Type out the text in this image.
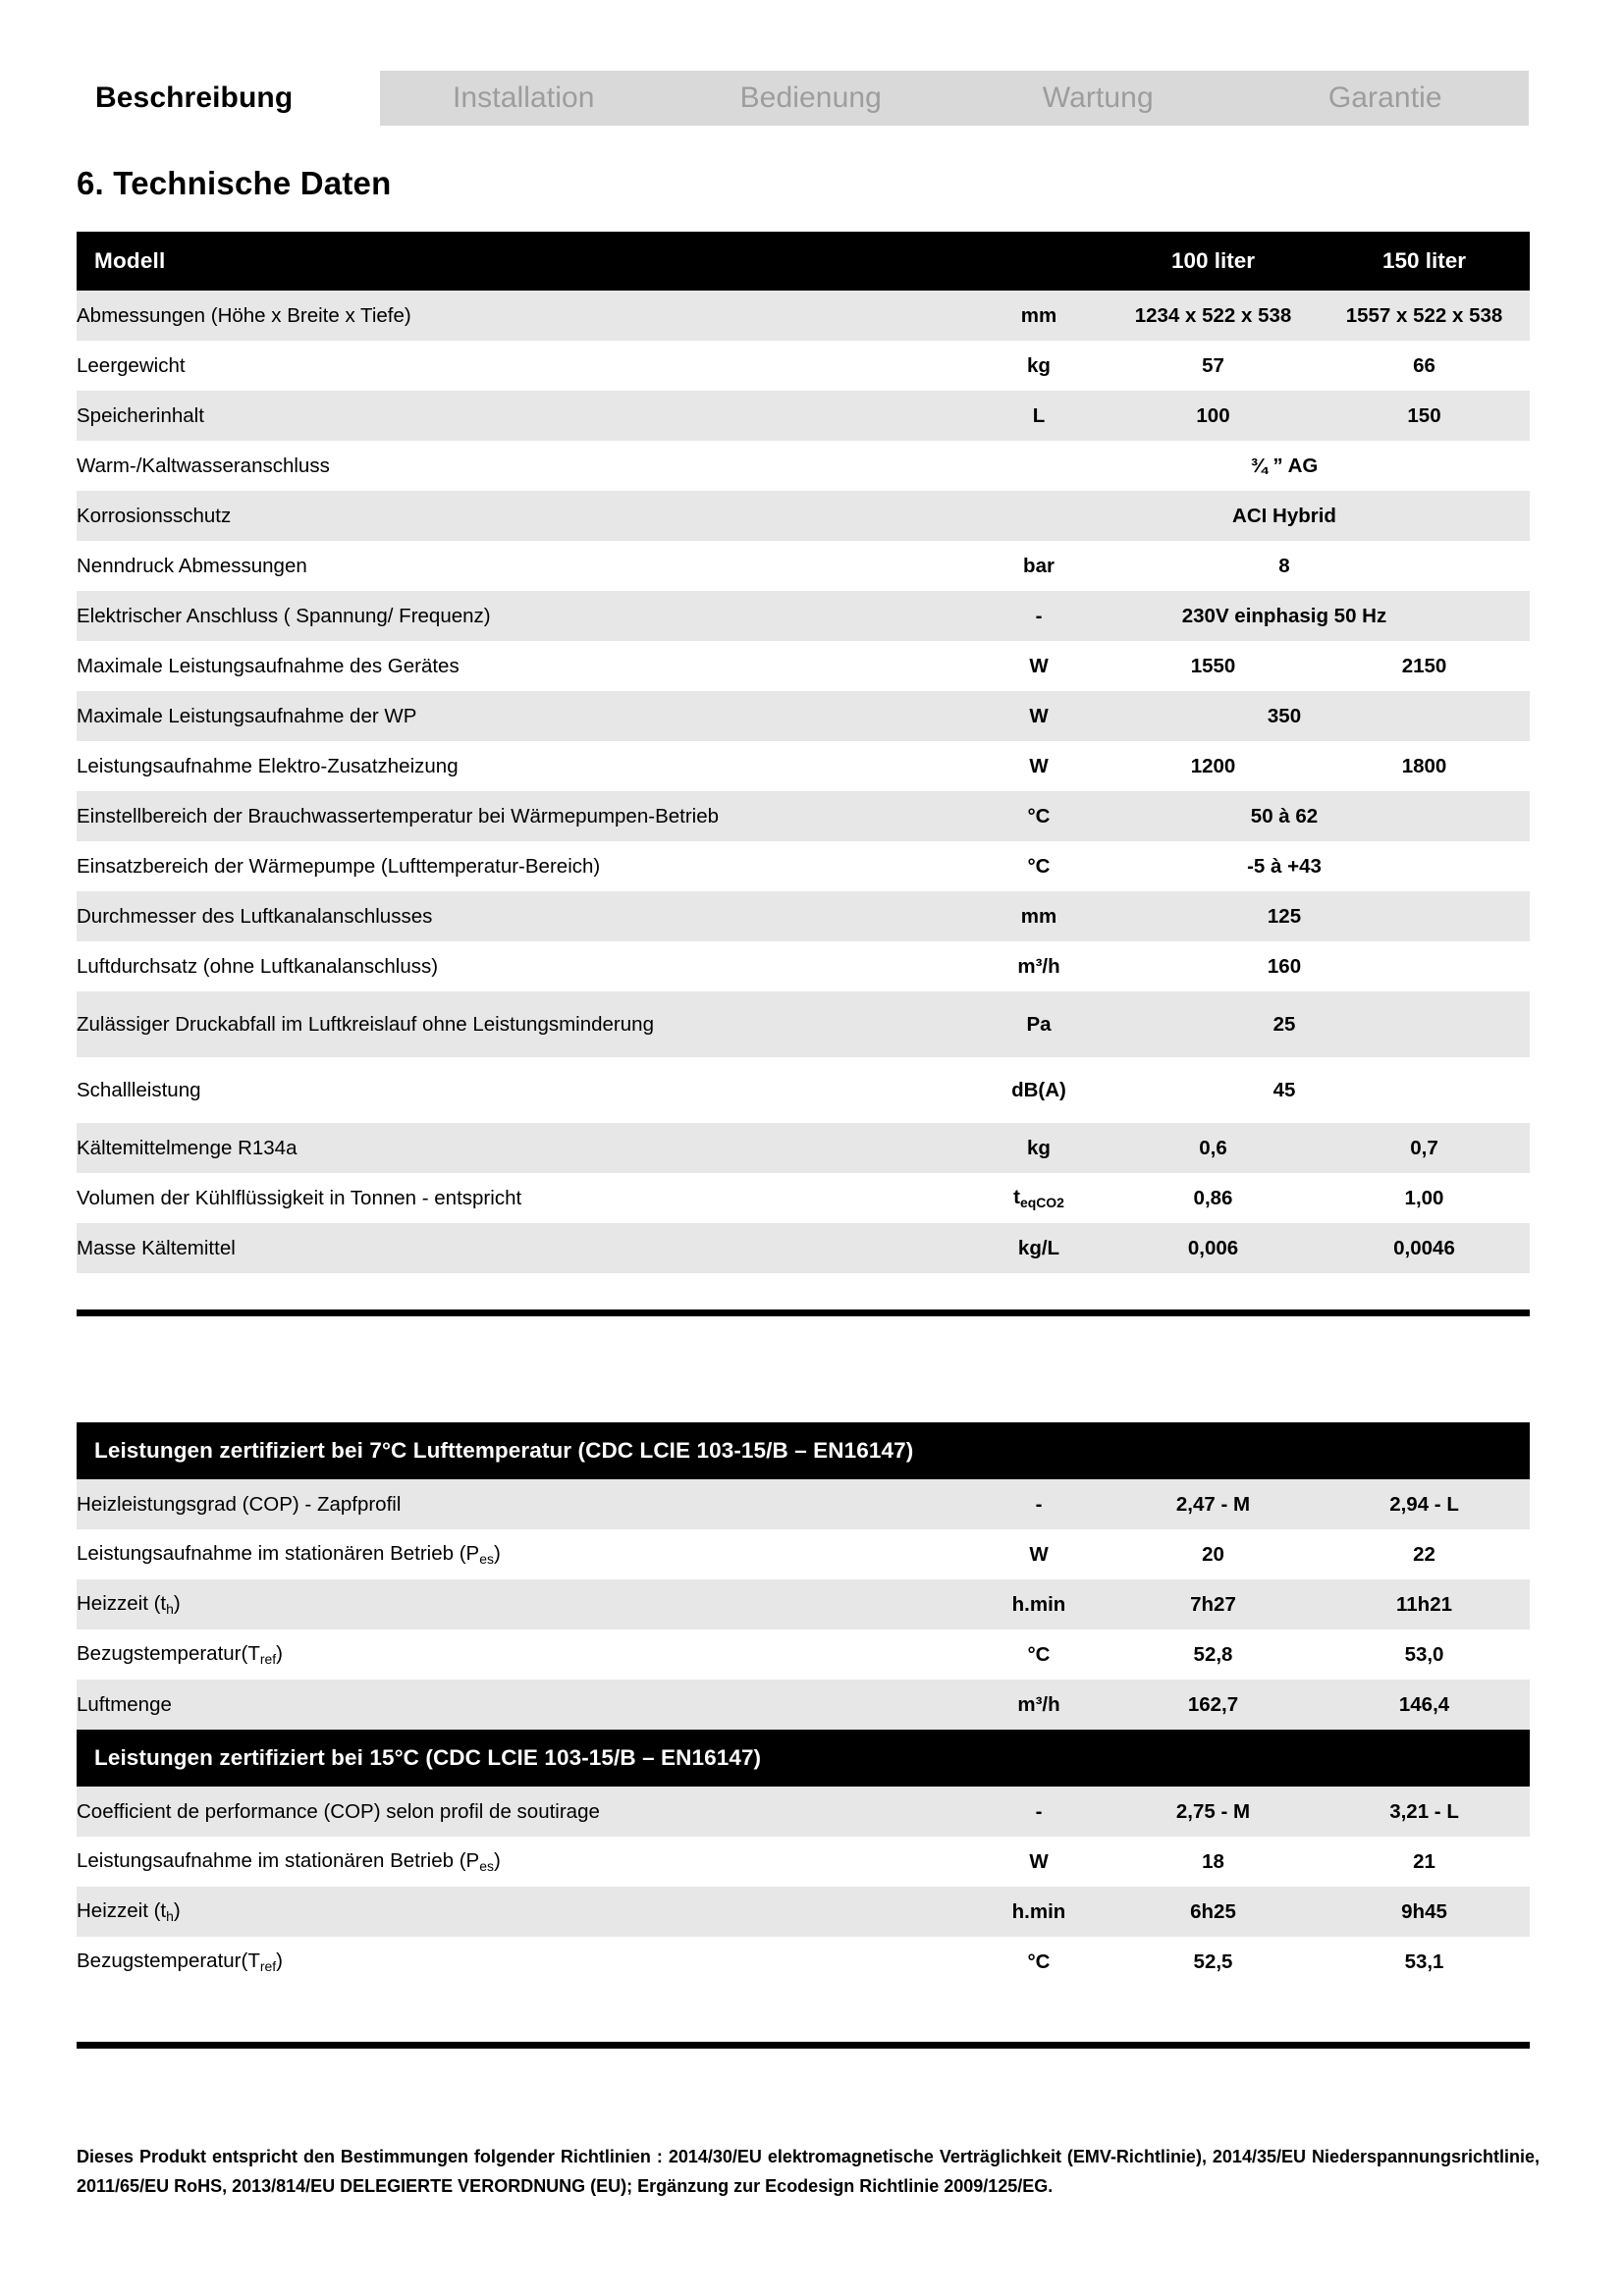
Beschreibung	Installation	Bedienung	Wartung	Garantie
6. Technische Daten
Modell		100 liter	150 liter
Abmessungen (Höhe x Breite x Tiefe)	mm	1234 x 522 x 538	1557 x 522 x 538
Leergewicht	kg	57	66
Speicherinhalt	L	100	150
Warm-/Kaltwasseranschluss		¾ ” AG	
Korrosionsschutz		ACI Hybrid	
Nenndruck Abmessungen	bar	8	
Elektrischer Anschluss ( Spannung/ Frequenz)	-	230V einphasig 50 Hz	
Maximale Leistungsaufnahme des Gerätes	W	1550	2150
Maximale Leistungsaufnahme der WP	W	350	
Leistungsaufnahme Elektro-Zusatzheizung	W	1200	1800
Einstellbereich der Brauchwassertemperatur bei Wärmepumpen-Betrieb	°C	50 à 62	
Einsatzbereich der Wärmepumpe (Lufttemperatur-Bereich)	°C	-5 à +43	
Durchmesser des Luftkanalanschlusses	mm	125	
Luftdurchsatz (ohne Luftkanalanschluss)	m³/h	160	
Zulässiger Druckabfall im Luftkreislauf ohne Leistungsminderung	Pa	25	
Schallleistung	dB(A)	45	
Kältemittelmenge R134a	kg	0,6	0,7
Volumen der Kühlflüssigkeit in Tonnen - entspricht	$t_{eqCO2}$	0,86	1,00
Masse Kältemittel	kg/L	0,006	0,0046
Leistungen zertifiziert bei 7°C Lufttemperatur (CDC LCIE 103-15/B – EN16147)			
Heizleistungsgrad (COP) - Zapfprofil	-	2,47 - M	2,94 - L
Leistungsaufnahme im stationären Betrieb $(P_{es})$	W	20	22
Heizzeit $(t_h)$	h.min	7h27	11h21
$Bezugstemperatur(T_{ref})$	°C	52,8	53,0
Luftmenge	m³/h	162,7	146,4
Leistungen zertifiziert bei 15°C (CDC LCIE 103-15/B – EN16147)			
Coefficient de performance (COP) selon profil de soutirage	-	2,75 - M	3,21 - L
Leistungsaufnahme im stationären Betrieb $(P_{es})$	W	18	21
Heizzeit $(t_h)$	h.min	6h25	9h45
$Bezugstemperatur(T_{ref})$	°C	52,5	53,1

Dieses Produkt entspricht den Bestimmungen folgender Richtlinien : 2014/30/EU elektromagnetische Verträglichkeit (EMV-Richtlinie), 2014/35/EU Niederspannungsrichtlinie, 2011/65/EU RoHS, 2013/814/EU DELEGIERTE VERORDNUNG (EU); Ergänzung zur Ecodesign Richtlinie 2009/125/EG.
